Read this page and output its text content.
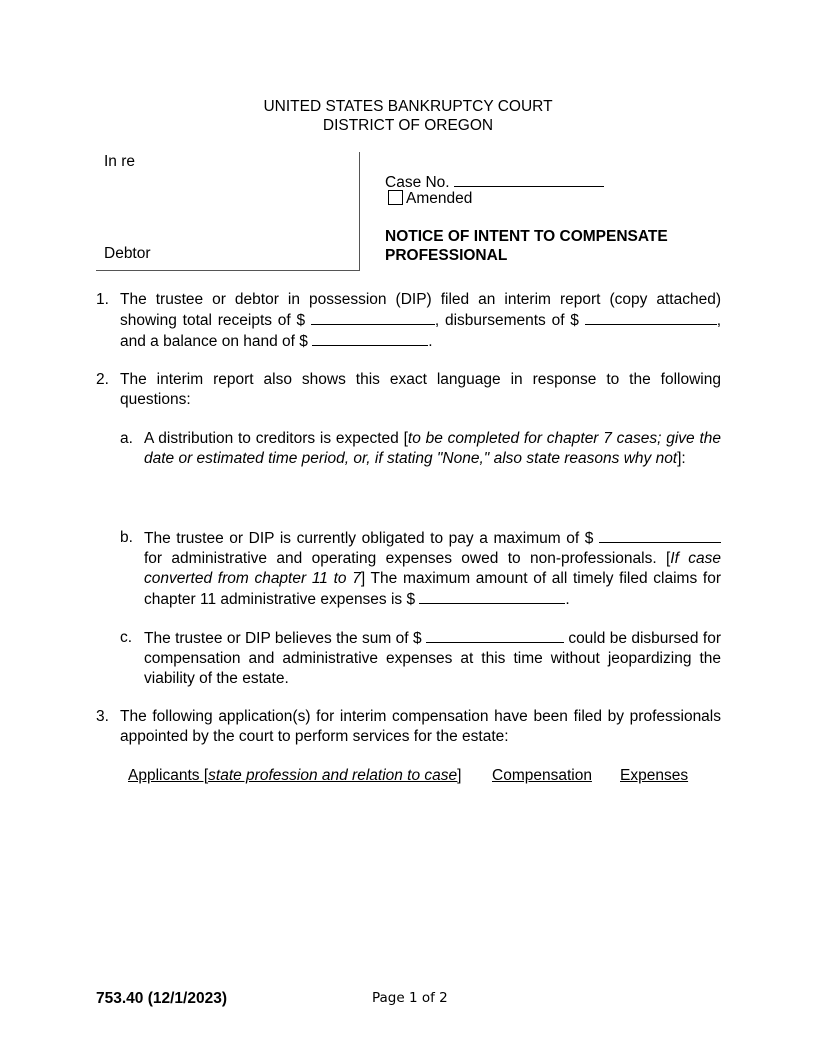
UNITED STATES BANKRUPTCY COURT
DISTRICT OF OREGON
In re
Debtor
Case No.
Amended
NOTICE OF INTENT TO COMPENSATE
PROFESSIONAL
1. The trustee or debtor in possession (DIP) filed an interim report (copy attached) showing total receipts of $	, disbursements of $	, and a balance on hand of $	.
2. The interim report also shows this exact language in response to the following questions:
a. A distribution to creditors is expected [to be completed for chapter 7 cases; give the date or estimated time period, or, if stating "None," also state reasons why not]:
b. The trustee or DIP is currently obligated to pay a maximum of $  for administrative and operating expenses owed to non-professionals. [If case converted from chapter 11 to 7] The maximum amount of all timely filed claims for chapter 11 administrative expenses is $	.
c. The trustee or DIP believes the sum of $	could be disbursed for compensation and administrative expenses at this time without jeopardizing the viability of the estate.
3. The following application(s) for interim compensation have been filed by professionals appointed by the court to perform services for the estate:
Applicants [state profession and relation to case] Compensation Expenses
753.40 (12/1/2023)	Page 1 of 2
